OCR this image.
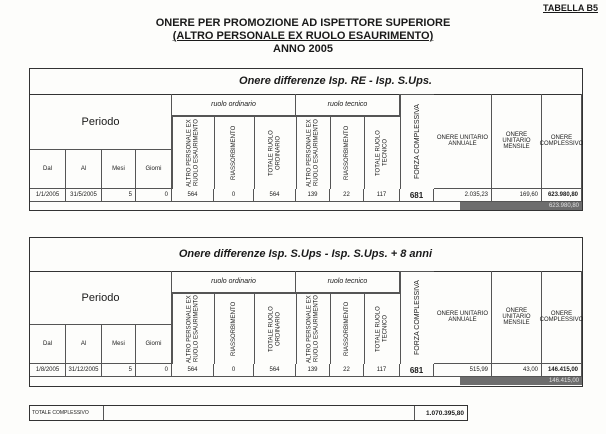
TABELLA B5
ONERE PER PROMOZIONE AD ISPETTORE SUPERIORE
(ALTRO PERSONALE EX RUOLO ESAURIMENTO)
ANNO 2005
Onere differenze Isp. RE - Isp. S.Ups.
Periodo
ruolo ordinario	ruolo tecnico
FORZA COMPLESSIVA	ONERE UNITARIO ANNUALE
ONERE UNITARIO MENSILE
ONERE COMPLESSIVO
ALTRO PERSONALE EX RUOLO ESAURIMENTO	RIASSORBIMENTO	TOTALE RUOLO ORDINARIO	ALTRO PERSONALE EX RUOLO ESAURIMENTO	RIASSORBIMENTO	TOTALE RUOLO TECNICO
Dal	Al	Mesi	Giorni
1/1/2005	31/5/2005	5	0	564	0	564	139	22	117	681	2.035,23	169,60	623.980,80
623.980,80
Onere differenze Isp. S.Ups - Isp. S.Ups. + 8 anni
Periodo
ruolo ordinario	ruolo tecnico	FORZA COMPLESSIVA	ONERE UNITARIO ANNUALE
ONERE UNITARIO MENSILE
ONERE COMPLESSIVO
ALTRO PERSONALE EX RUOLO ESAURIMENTO	RIASSORBIMENTO	TOTALE RUOLO ORDINARIO	ALTRO PERSONALE EX RUOLO ESAURIMENTO	RIASSORBIMENTO	TOTALE RUOLO TECNICO
Dal	Al	Mesi	Giorni
1/8/2005	31/12/2005	5	0	564	0	564	139	22	117	681	515,99	43,00	146.415,00
146.415,00
TOTALE COMPLESSIVO	1.070.395,80
